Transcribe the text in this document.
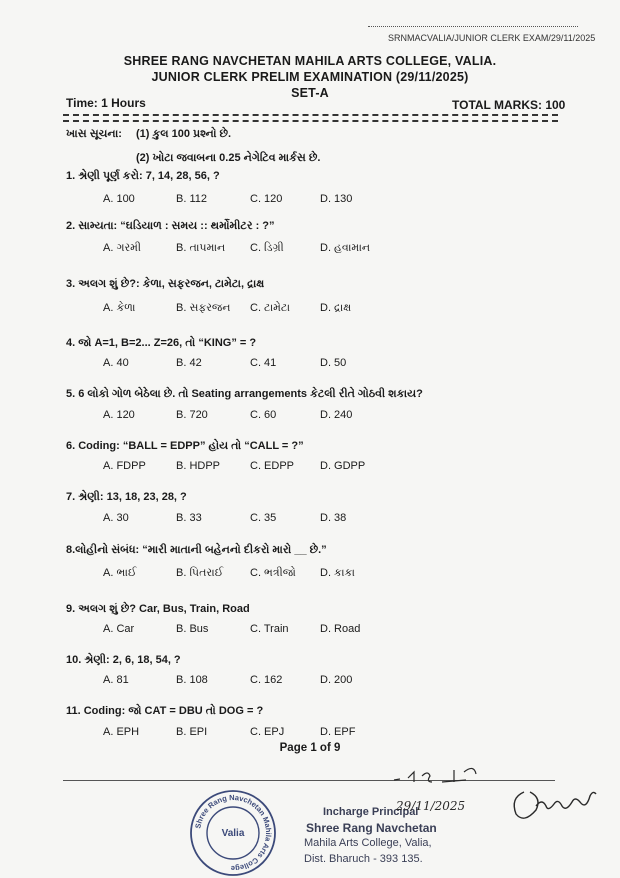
SRNMACVALIA/JUNIOR CLERK EXAM/29/11/2025
SHREE RANG NAVCHETAN MAHILA ARTS COLLEGE, VALIA.
JUNIOR CLERK PRELIM EXAMINATION (29/11/2025)
SET-A
Time: 1 Hours	TOTAL MARKS: 100
ખાસ સૂચના: (1) કુલ 100 પ્રશ્નો છે.
(2) ખોટા જવાબના 0.25 નેગેટિવ માર્કસ છે.
1. શ્રેણી પૂર્ણ કરો: 7, 14, 28, 56, ?
A. 100	B. 112	C. 120	D. 130
2. સામ્યતા: “ઘડિયાળ : સમય :: થર્મોમીટર : ?”
A. ગરમી	B. તાપમાન C. ડિગ્રી	D. હવામાન
3. અલગ શું છે?: કેળા, સફરજન, ટામેટા, દ્રાક્ષ
A. કેળા	B. સફરજન C. ટામેટા	D. દ્રાક્ષ
4. જો A=1, B=2... Z=26, તો “KING” = ?
A. 40	B. 42	C. 41	D. 50
5. 6 લોકો ગોળ બેઠેલા છે. તો Seating arrangements કેટલી રીતે ગોઠવી શકાય?
A. 120	B. 720	C. 60	D. 240
6. Coding: “BALL = EDPP” હોય તો “CALL = ?”
A. FDPP	B. HDPP	C. EDPP D. GDPP
7. શ્રેણી: 13, 18, 23, 28, ?
A. 30	B. 33	C. 35	D. 38
8.લોહીનો સંબંધ: “મારી માતાની બહેનનો દીકરો મારો __ છે.”
A. ભાઈ	B. પિતરાઈ C. ભત્રીજો D. કાકા
9. અલગ શું છે? Car, Bus, Train, Road
A. Car	B. Bus	C. Train	D. Road
10. શ્રેણી: 2, 6, 18, 54, ?
A. 81	B. 108	C. 162	D. 200
11. Coding: જો CAT = DBU તો DOG = ?
A. EPH	B. EPI	C. EPJ	D. EPF
Page 1 of 9
Shree Rang Navchetan Mahila Arts College
Valia
Incharge Principal
Shree Rang Navchetan
Mahila Arts College, Valia,
Dist. Bharuch - 393 135.
29/11/2025
